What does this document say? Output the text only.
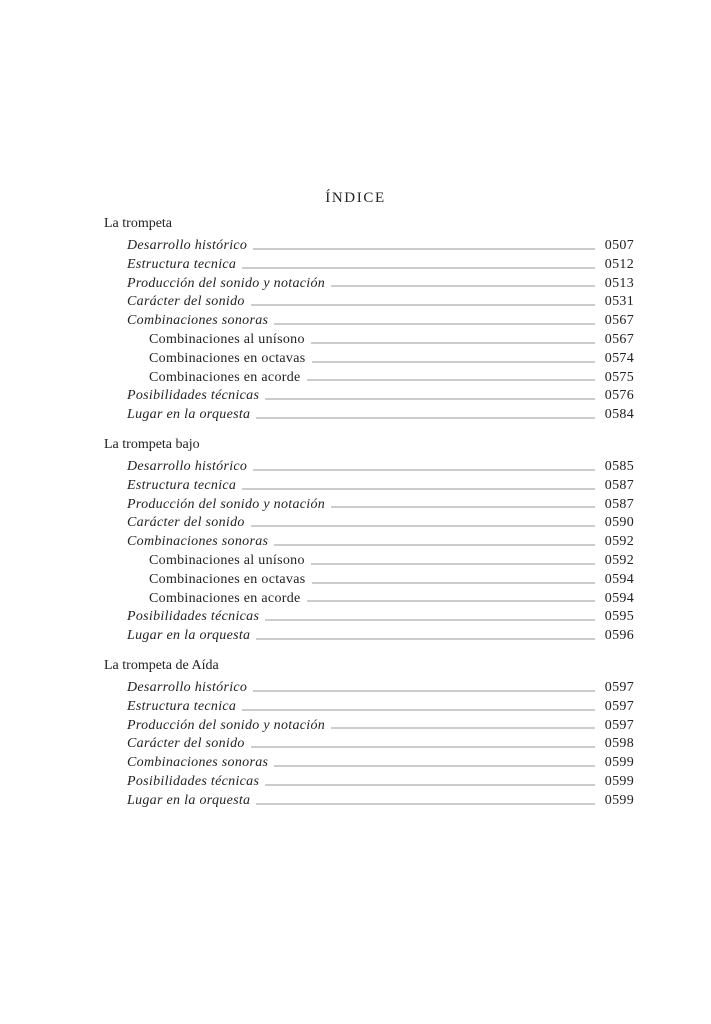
ÍNDICE
La trompeta
Desarrollo histórico	0507
Estructura tecnica	0512
Producción del sonido y notación	0513
Carácter del sonido	0531
Combinaciones sonoras	0567
Combinaciones al unísono	0567
Combinaciones en octavas	0574
Combinaciones en acorde	0575
Posibilidades técnicas	0576
Lugar en la orquesta	0584
La trompeta bajo
Desarrollo histórico	0585
Estructura tecnica	0587
Producción del sonido y notación	0587
Carácter del sonido	0590
Combinaciones sonoras	0592
Combinaciones al unísono	0592
Combinaciones en octavas	0594
Combinaciones en acorde	0594
Posibilidades técnicas	0595
Lugar en la orquesta	0596
La trompeta de Aída
Desarrollo histórico	0597
Estructura tecnica	0597
Producción del sonido y notación	0597
Carácter del sonido	0598
Combinaciones sonoras	0599
Posibilidades técnicas	0599
Lugar en la orquesta	0599
